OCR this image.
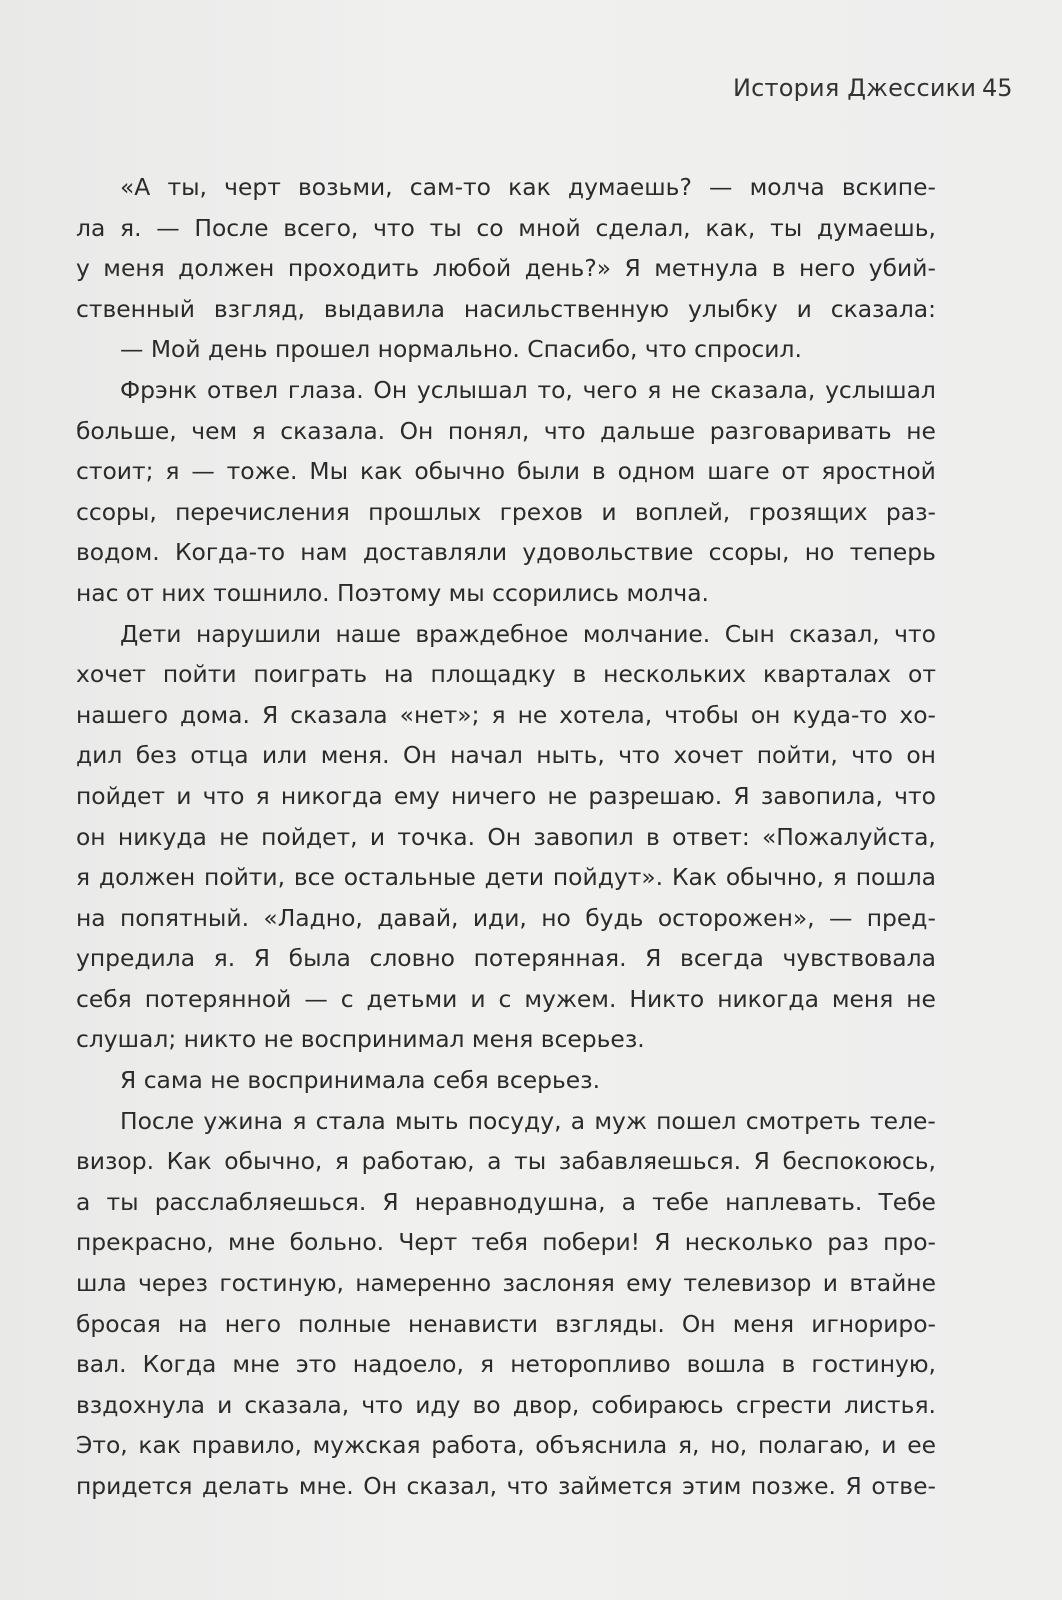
История Джессики 45
«А ты, черт возьми, сам-то как думаешь? — молча вскипе-
ла я. — После всего, что ты со мной сделал, как, ты думаешь,
у меня должен проходить любой день?» Я метнула в него убий-
ственный взгляд, выдавила насильственную улыбку и сказала:
— Мой день прошел нормально. Спасибо, что спросил.
Фрэнк отвел глаза. Он услышал то, чего я не сказала, услышал
больше, чем я сказала. Он понял, что дальше разговаривать не
стоит; я — тоже. Мы как обычно были в одном шаге от яростной
ссоры, перечисления прошлых грехов и воплей, грозящих раз-
водом. Когда-то нам доставляли удовольствие ссоры, но теперь
нас от них тошнило. Поэтому мы ссорились молча.
Дети нарушили наше враждебное молчание. Сын сказал, что
хочет пойти поиграть на площадку в нескольких кварталах от
нашего дома. Я сказала «нет»; я не хотела, чтобы он куда-то хо-
дил без отца или меня. Он начал ныть, что хочет пойти, что он
пойдет и что я никогда ему ничего не разрешаю. Я завопила, что
он никуда не пойдет, и точка. Он завопил в ответ: «Пожалуйста,
я должен пойти, все остальные дети пойдут». Как обычно, я пошла
на попятный. «Ладно, давай, иди, но будь осторожен», — пред-
упредила я. Я была словно потерянная. Я всегда чувствовала
себя потерянной — с детьми и с мужем. Никто никогда меня не
слушал; никто не воспринимал меня всерьез.
Я сама не воспринимала себя всерьез.
После ужина я стала мыть посуду, а муж пошел смотреть теле-
визор. Как обычно, я работаю, а ты забавляешься. Я беспокоюсь,
а ты расслабляешься. Я неравнодушна, а тебе наплевать. Тебе
прекрасно, мне больно. Черт тебя побери! Я несколько раз про-
шла через гостиную, намеренно заслоняя ему телевизор и втайне
бросая на него полные ненависти взгляды. Он меня игнориро-
вал. Когда мне это надоело, я неторопливо вошла в гостиную,
вздохнула и сказала, что иду во двор, собираюсь сгрести листья.
Это, как правило, мужская работа, объяснила я, но, полагаю, и ее
придется делать мне. Он сказал, что займется этим позже. Я отве-
